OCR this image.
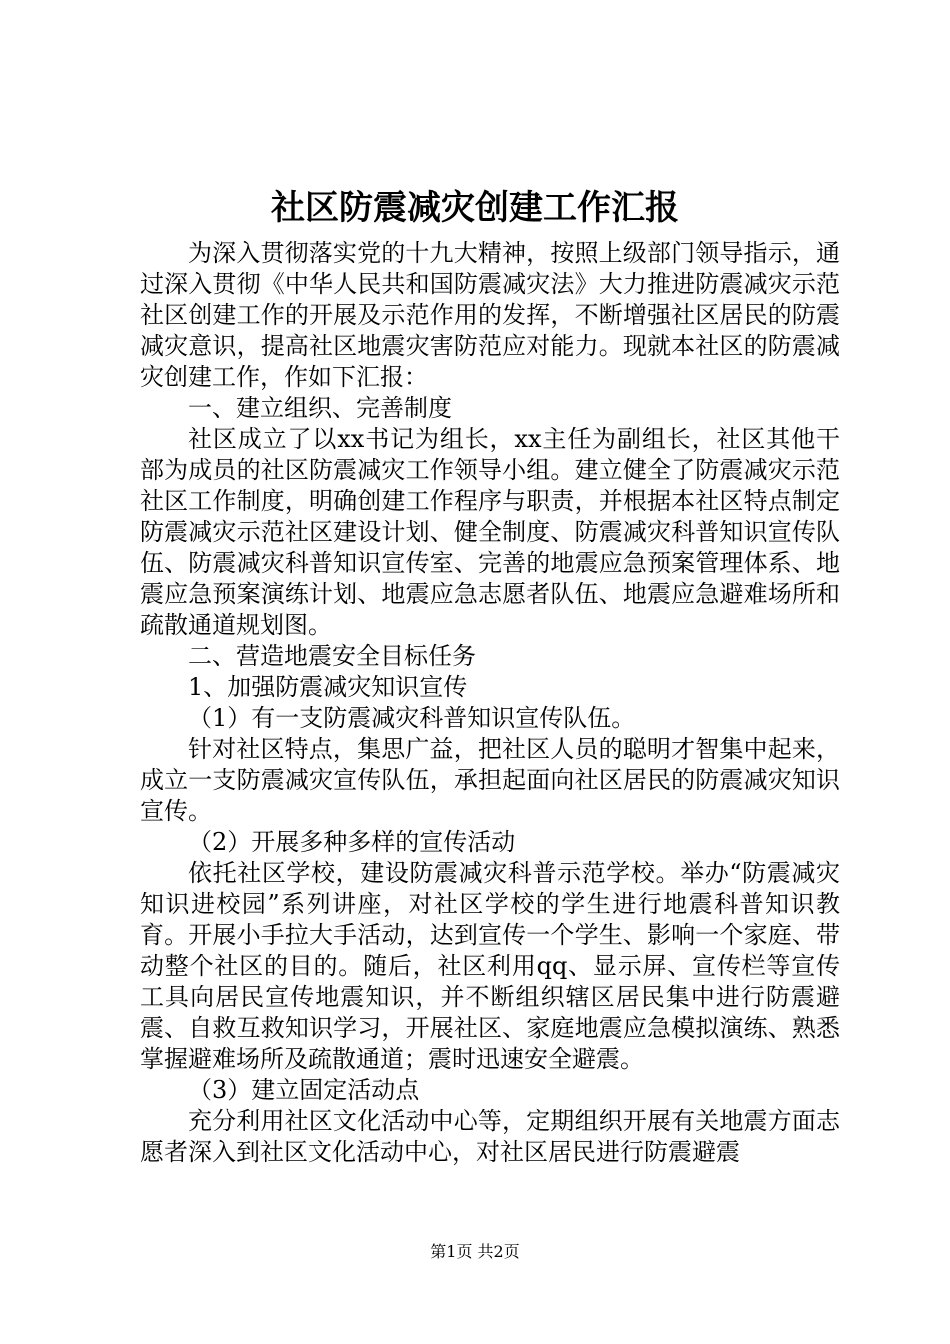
社区防震减灾创建工作汇报

为深入贯彻落实党的十九大精神，按照上级部门领导指示，通过深入贯彻《中华人民共和国防震减灾法》大力推进防震减灾示范社区创建工作的开展及示范作用的发挥，不断增强社区居民的防震减灾意识，提高社区地震灾害防范应对能力。现就本社区的防震减灾创建工作，作如下汇报：

一、建立组织、完善制度

社区成立了以xx书记为组长，xx主任为副组长，社区其他干部为成员的社区防震减灾工作领导小组。建立健全了防震减灾示范社区工作制度，明确创建工作程序与职责，并根据本社区特点制定防震减灾示范社区建设计划、健全制度、防震减灾科普知识宣传队伍、防震减灾科普知识宣传室、完善的地震应急预案管理体系、地震应急预案演练计划、地震应急志愿者队伍、地震应急避难场所和疏散通道规划图。

二、营造地震安全目标任务

1、加强防震减灾知识宣传

（1）有一支防震减灾科普知识宣传队伍。

针对社区特点，集思广益，把社区人员的聪明才智集中起来，成立一支防震减灾宣传队伍，承担起面向社区居民的防震减灾知识宣传。

（2）开展多种多样的宣传活动

依托社区学校，建设防震减灾科普示范学校。举办“防震减灾知识进校园”系列讲座，对社区学校的学生进行地震科普知识教育。开展小手拉大手活动，达到宣传一个学生、影响一个家庭、带动整个社区的目的。随后，社区利用qq、显示屏、宣传栏等宣传工具向居民宣传地震知识，并不断组织辖区居民集中进行防震避震、自救互救知识学习，开展社区、家庭地震应急模拟演练、熟悉掌握避难场所及疏散通道；震时迅速安全避震。

（3）建立固定活动点

充分利用社区文化活动中心等，定期组织开展有关地震方面志愿者深入到社区文化活动中心，对社区居民进行防震避震

第1页 共2页
